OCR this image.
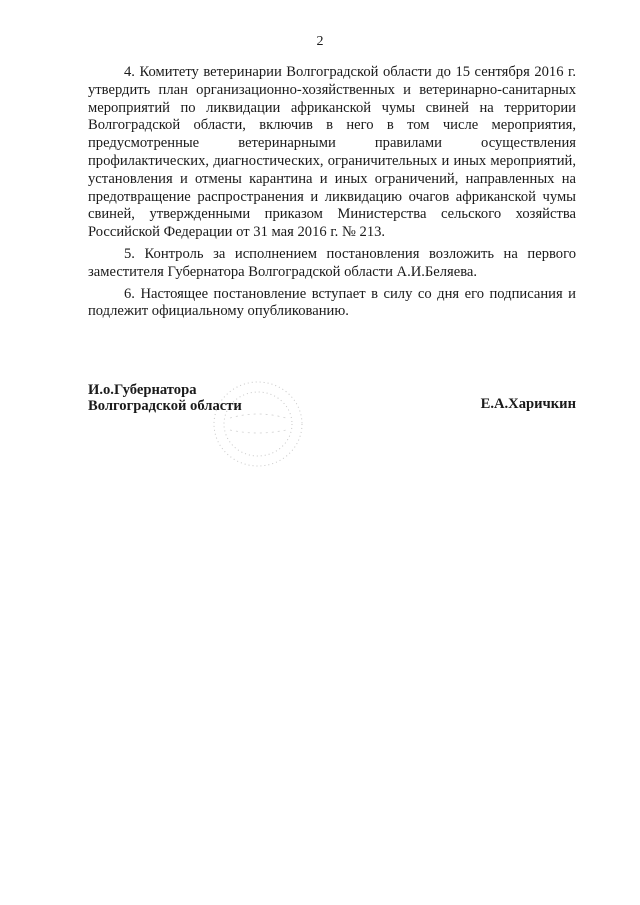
2

4. Комитету ветеринарии Волгоградской области до 15 сентября 2016 г. утвердить план организационно-хозяйственных и ветеринарно-санитарных мероприятий по ликвидации африканской чумы свиней на территории Волгоградской области, включив в него в том числе мероприятия, предусмотренные ветеринарными правилами осуществления профилактических, диагностических, ограничительных и иных мероприятий, установления и отмены карантина и иных ограничений, направленных на предотвращение распространения и ликвидацию очагов африканской чумы свиней, утвержденными приказом Министерства сельского хозяйства Российской Федерации от 31 мая 2016 г. № 213.

5. Контроль за исполнением постановления возложить на первого заместителя Губернатора Волгоградской области А.И.Беляева.

6. Настоящее постановление вступает в силу со дня его подписания и подлежит официальному опубликованию.

И.о.Губернатора
Волгоградской области	Е.А.Харичкин
